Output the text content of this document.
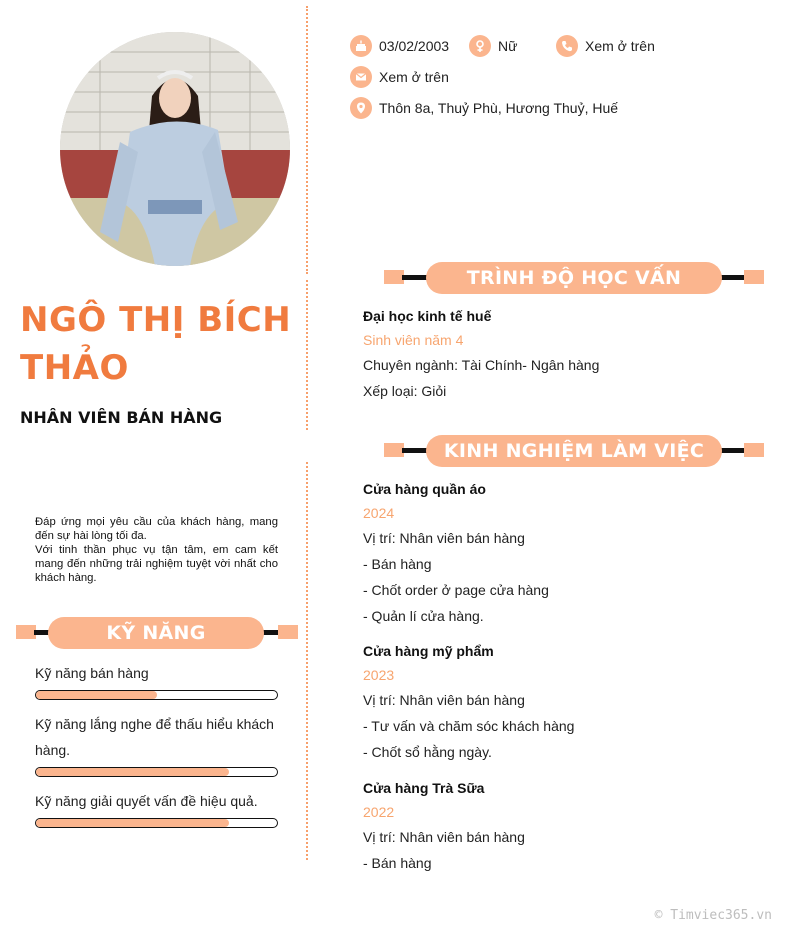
NGÔ THỊ BÍCH THẢO
NHÂN VIÊN BÁN HÀNG

Đáp ứng mọi yêu cầu của khách hàng, mang đến sự hài lòng tối đa.

Với tinh thần phục vụ tận tâm, em cam kết mang đến những trải nghiệm tuyệt vời nhất cho khách hàng.

KỸ NĂNG
Kỹ năng bán hàng
Kỹ năng lắng nghe để thấu hiểu khách hàng.
Kỹ năng giải quyết vấn đề hiệu quả.
03/02/2003	Nữ	Xem ở trên
Xem ở trên
Thôn 8a, Thuỷ Phù, Hương Thuỷ, Huế
TRÌNH ĐỘ HỌC VẤN
Đại học kinh tế huế
Sinh viên năm 4
Chuyên ngành: Tài Chính- Ngân hàng
Xếp loại: Giỏi
KINH NGHIỆM LÀM VIỆC
Cửa hàng quần áo
2024
Vị trí: Nhân viên bán hàng
- Bán hàng
- Chốt order ở page cửa hàng
- Quản lí cửa hàng.
Cửa hàng mỹ phẩm
2023
Vị trí: Nhân viên bán hàng
- Tư vấn và chăm sóc khách hàng
- Chốt sổ hằng ngày.
Cửa hàng Trà Sữa
2022
Vị trí: Nhân viên bán hàng
- Bán hàng
© Timviec365.vn
